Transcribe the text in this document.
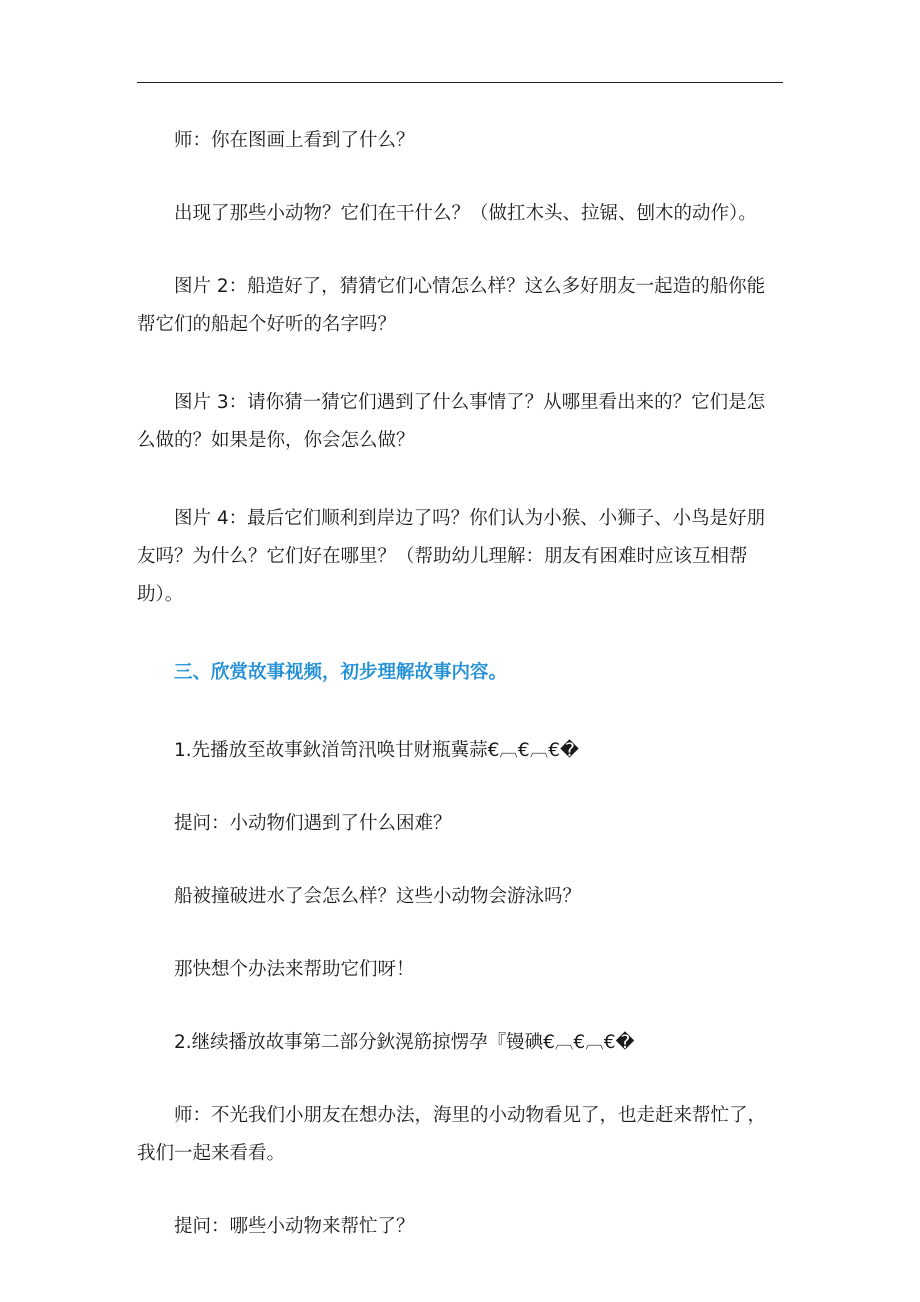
师：你在图画上看到了什么？

出现了那些小动物？它们在干什么？（做扛木头、拉锯、刨木的动作）。

图片 2：船造好了，猜猜它们心情怎么样？这么多好朋友一起造的船你能帮它们的船起个好听的名字吗？

图片 3：请你猜一猜它们遇到了什么事情了？从哪里看出来的？它们是怎么做的？如果是你，你会怎么做？

图片 4：最后它们顺利到岸边了吗？你们认为小猴、小狮子、小鸟是好朋友吗？为什么？它们好在哪里？（帮助幼儿理解：朋友有困难时应该互相帮助）。

三、欣赏故事视频，初步理解故事内容。

1.先播放至故事鈥渞笥汛唤甘财瓶冀蒜€︹€︹€�

提问：小动物们遇到了什么困难？

船被撞破进水了会怎么样？这些小动物会游泳吗？

那快想个办法来帮助它们呀！

2.继续播放故事第二部分鈥滉筋掠愣孕『镘碘€︹€︹€�

师：不光我们小朋友在想办法，海里的小动物看见了，也走赶来帮忙了，我们一起来看看。

提问：哪些小动物来帮忙了？
